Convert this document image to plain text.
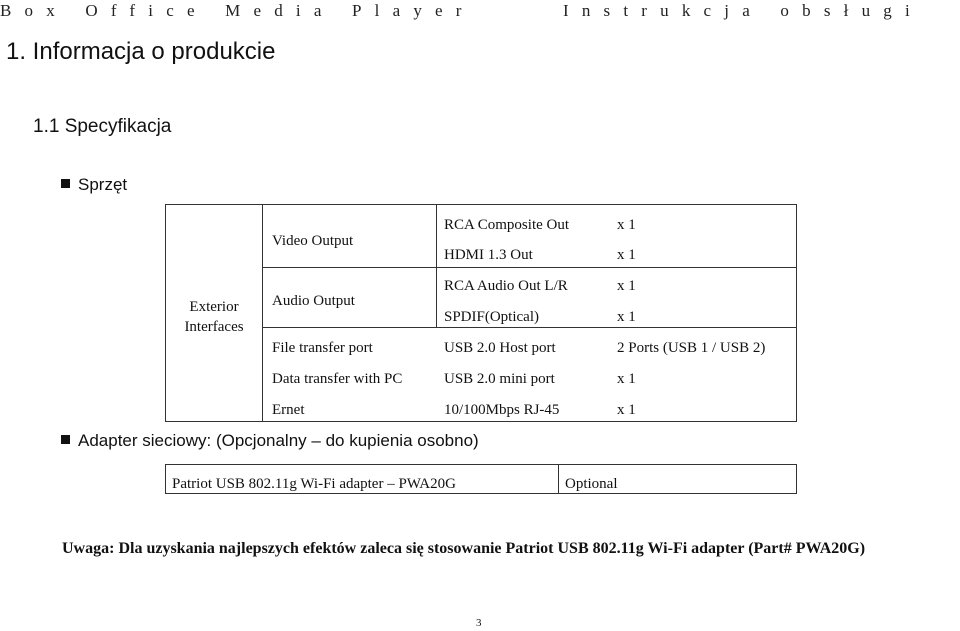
Box Office Media Player	Instrukcja obsługi
1. Informacja o produkcie
1.1 Specyfikacja
Sprzęt
Exterior Interfaces
Video Output
RCA Composite Out	x 1
HDMI 1.3 Out	x 1
Audio Output
RCA Audio Out L/R	x 1
SPDIF(Optical)	x 1
File transfer port	USB 2.0 Host port	2 Ports (USB 1 / USB 2)
Data transfer with PC	USB 2.0 mini port	x 1
Ernet	10/100Mbps RJ-45	x 1
Adapter sieciowy: (Opcjonalny – do kupienia osobno)
Patriot USB 802.11g Wi-Fi adapter – PWA20G	Optional
Uwaga: Dla uzyskania najlepszych efektów zaleca się stosowanie Patriot USB 802.11g Wi-Fi adapter (Part# PWA20G)
3
